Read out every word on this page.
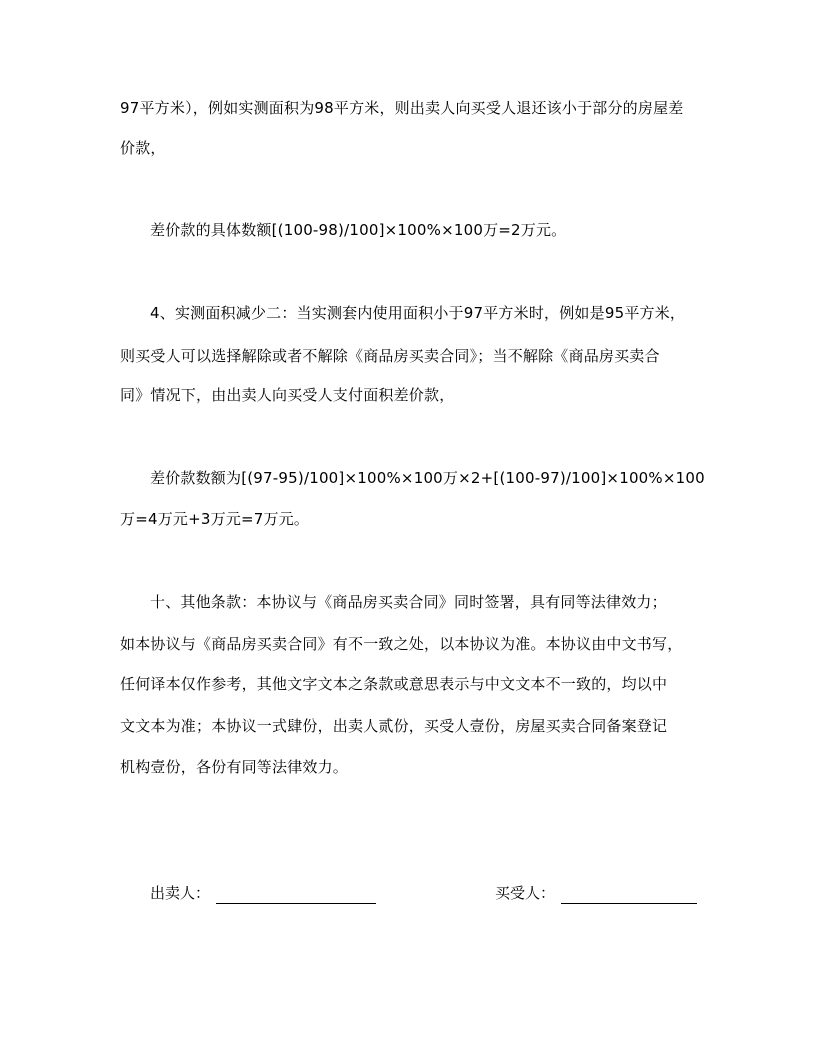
97平方米），例如实测面积为98平方米，则出卖人向买受人退还该小于部分的房屋差
价款，
差价款的具体数额[(100-98)/100]×100%×100万=2万元。
4、实测面积减少二：当实测套内使用面积小于97平方米时，例如是95平方米，
则买受人可以选择解除或者不解除《商品房买卖合同》；当不解除《商品房买卖合
同》情况下，由出卖人向买受人支付面积差价款，
差价款数额为[(97-95)/100]×100%×100万×2+[(100-97)/100]×100%×100
万=4万元+3万元=7万元。
十、其他条款：本协议与《商品房买卖合同》同时签署，具有同等法律效力；
如本协议与《商品房买卖合同》有不一致之处，以本协议为准。本协议由中文书写，
任何译本仅作参考，其他文字文本之条款或意思表示与中文文本不一致的，均以中
文文本为准；本协议一式肆份，出卖人贰份，买受人壹份，房屋买卖合同备案登记
机构壹份，各份有同等法律效力。
出卖人：	买受人：
